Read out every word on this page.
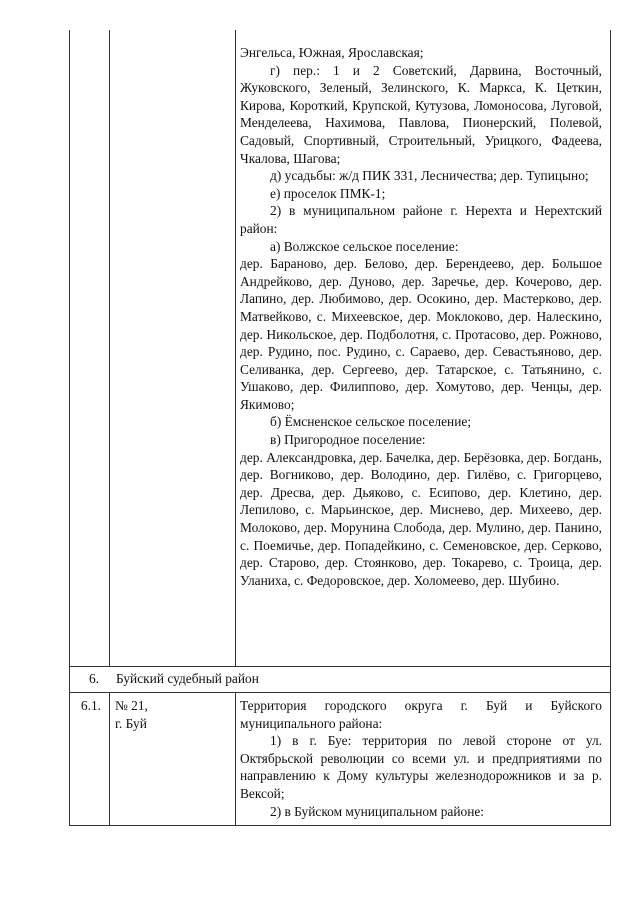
Энгельса, Южная, Ярославская;

г) пер.: 1 и 2 Советский, Дарвина, Восточный, Жуковского, Зеленый, Зелинского, К. Маркса, К. Цеткин, Кирова, Короткий, Крупской, Кутузова, Ломоносова, Луговой, Менделеева, Нахимова, Павлова, Пионерский, Полевой, Садовый, Спортивный, Строительный, Урицкого, Фадеева, Чкалова, Шагова;

д) усадьбы: ж/д ПИК 331, Лесничества; дер. Тупицыно;

е) проселок ПМК-1;

2) в муниципальном районе г. Нерехта и Нерехтский район:

а) Волжское сельское поселение:

дер. Бараново, дер. Белово, дер. Берендеево, дер. Большое Андрейково, дер. Дуново, дер. Заречье, дер. Кочерово, дер. Лапино, дер. Любимово, дер. Осокино, дер. Мастерково, дер. Матвейково, с. Михеевское, дер. Моклоково, дер. Налескино, дер. Никольское, дер. Подболотня, с. Протасово, дер. Рожново, дер. Рудино, пос. Рудино, с. Сараево, дер. Севастьяново, дер. Селиванка, дер. Сергеево, дер. Татарское, с. Татьянино, с. Ушаково, дер. Филиппово, дер. Хомутово, дер. Ченцы, дер. Якимово;

б) Ёмсненское сельское поселение;

в) Пригородное поселение:

дер. Александровка, дер. Бачелка, дер. Берёзовка, дер. Богдань, дер. Вогниково, дер. Володино, дер. Гилёво, с. Григорцево, дер. Дресва, дер. Дьяково, с. Есипово, дер. Клетино, дер. Лепилово, с. Марьинское, дер. Миснево, дер. Михеево, дер. Молоково, дер. Морунина Слобода, дер. Мулино, дер. Панино, с. Поемичье, дер. Попадейкино, с. Семеновское, дер. Серково, дер. Старово, дер. Стоянково, дер. Токарево, с. Троица, дер. Уланиха, с. Федоровское, дер. Холомеево, дер. Шубино.

6. Буйский судебный район
6.1. № 21,
г. Буй

Территория городского округа г. Буй и Буйского муниципального района:

1) в г. Буе: территория по левой стороне от ул. Октябрьской революции со всеми ул. и предприятиями по направлению к Дому культуры железнодорожников и за р. Вексой;

2) в Буйском муниципальном районе:
